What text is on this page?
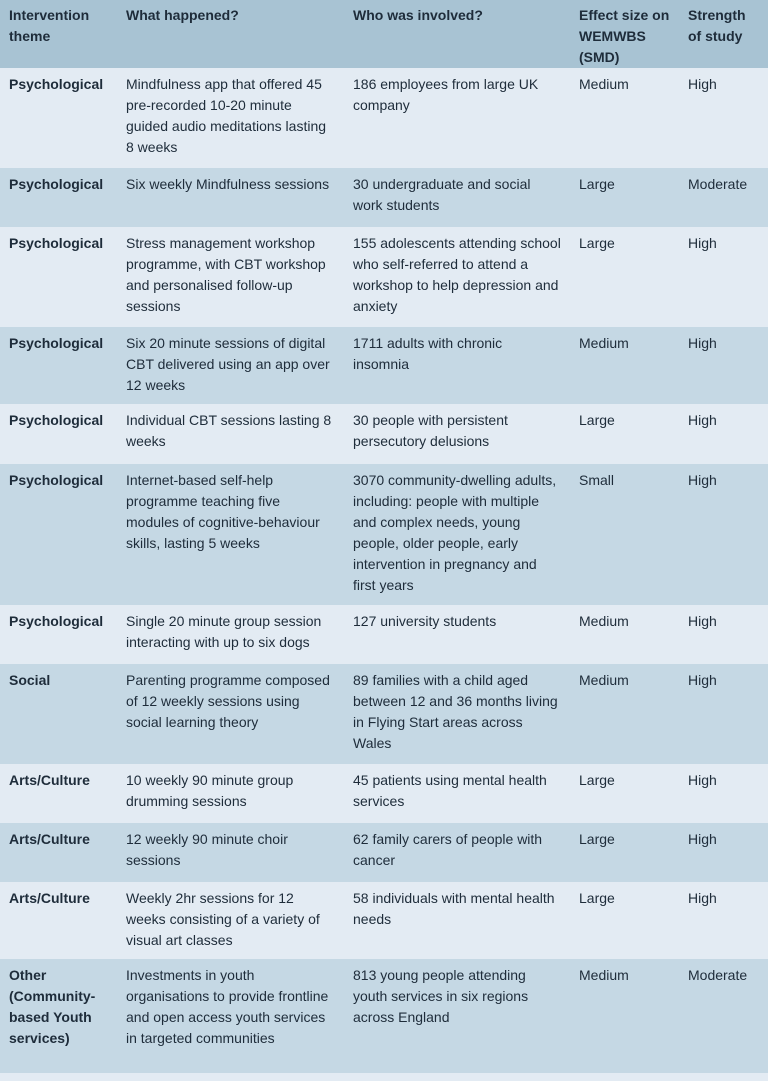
Intervention theme	What happened?	Who was involved?	Effect size on WEMWBS (SMD)	Strength of study
Psychological	Mindfulness app that offered 45 pre-recorded 10-20 minute guided audio meditations lasting 8 weeks	186 employees from large UK company	Medium	High
Psychological	Six weekly Mindfulness sessions	30 undergraduate and social work students	Large	Moderate
Psychological	Stress management workshop programme, with CBT workshop and personalised follow-up sessions	155 adolescents attending school who self-referred to attend a workshop to help depression and anxiety	Large	High
Psychological	Six 20 minute sessions of digital CBT delivered using an app over 12 weeks	1711 adults with chronic insomnia	Medium	High
Psychological	Individual CBT sessions lasting 8 weeks	30 people with persistent persecutory delusions	Large	High
Psychological	Internet-based self-help programme teaching five modules of cognitive-behaviour skills, lasting 5 weeks	3070 community-dwelling adults, including: people with multiple and complex needs, young people, older people, early intervention in pregnancy and first years	Small	High
Psychological	Single 20 minute group session interacting with up to six dogs	127 university students	Medium	High
Social	Parenting programme composed of 12 weekly sessions using social learning theory	89 families with a child aged between 12 and 36 months living in Flying Start areas across Wales	Medium	High
Arts/Culture	10 weekly 90 minute group drumming sessions	45 patients using mental health services	Large	High
Arts/Culture	12 weekly 90 minute choir sessions	62 family carers of people with cancer	Large	High
Arts/Culture	Weekly 2hr sessions for 12 weeks consisting of a variety of visual art classes	58 individuals with mental health needs	Large	High
Other (Community-based Youth services)	Investments in youth organisations to provide frontline and open access youth services in targeted communities	813 young people attending youth services in six regions across England	Medium	Moderate
